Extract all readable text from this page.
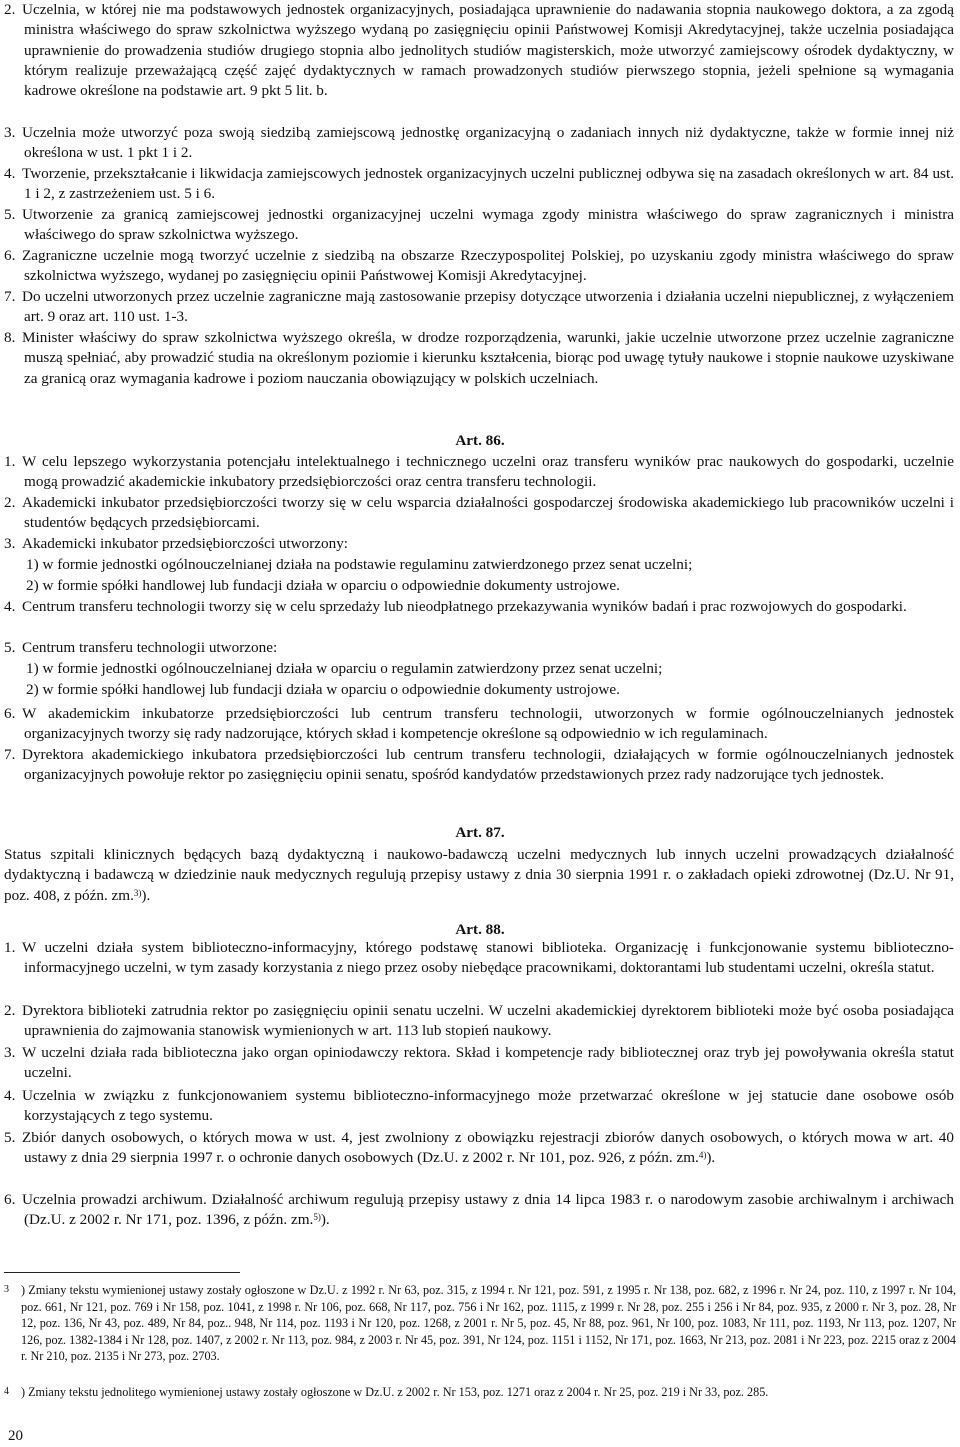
2. Uczelnia, w której nie ma podstawowych jednostek organizacyjnych, posiadająca uprawnienie do nadawania stopnia naukowego doktora, a za zgodą ministra właściwego do spraw szkolnictwa wyższego wydaną po zasięgnięciu opinii Państwowej Komisji Akredytacyjnej, także uczelnia posiadająca uprawnienie do prowadzenia studiów drugiego stopnia albo jednolitych studiów magisterskich, może utworzyć zamiejscowy ośrodek dydaktyczny, w którym realizuje przeważającą część zajęć dydaktycznych w ramach prowadzonych studiów pierwszego stopnia, jeżeli spełnione są wymagania kadrowe określone na podstawie art. 9 pkt 5 lit. b.
3. Uczelnia może utworzyć poza swoją siedzibą zamiejscową jednostkę organizacyjną o zadaniach innych niż dydaktyczne, także w formie innej niż określona w ust. 1 pkt 1 i 2.
4. Tworzenie, przekształcanie i likwidacja zamiejscowych jednostek organizacyjnych uczelni publicznej odbywa się na zasadach określonych w art. 84 ust. 1 i 2, z zastrzeżeniem ust. 5 i 6.
5. Utworzenie za granicą zamiejscowej jednostki organizacyjnej uczelni wymaga zgody ministra właściwego do spraw zagranicznych i ministra właściwego do spraw szkolnictwa wyższego.
6. Zagraniczne uczelnie mogą tworzyć uczelnie z siedzibą na obszarze Rzeczypospolitej Polskiej, po uzyskaniu zgody ministra właściwego do spraw szkolnictwa wyższego, wydanej po zasięgnięciu opinii Państwowej Komisji Akredytacyjnej.
7. Do uczelni utworzonych przez uczelnie zagraniczne mają zastosowanie przepisy dotyczące utworzenia i działania uczelni niepublicznej, z wyłączeniem art. 9 oraz art. 110 ust. 1-3.
8. Minister właściwy do spraw szkolnictwa wyższego określa, w drodze rozporządzenia, warunki, jakie uczelnie utworzone przez uczelnie zagraniczne muszą spełniać, aby prowadzić studia na określonym poziomie i kierunku kształcenia, biorąc pod uwagę tytuły naukowe i stopnie naukowe uzyskiwane za granicą oraz wymagania kadrowe i poziom nauczania obowiązujący w polskich uczelniach.
Art. 86.
1. W celu lepszego wykorzystania potencjału intelektualnego i technicznego uczelni oraz transferu wyników prac naukowych do gospodarki, uczelnie mogą prowadzić akademickie inkubatory przedsiębiorczości oraz centra transferu technologii.
2. Akademicki inkubator przedsiębiorczości tworzy się w celu wsparcia działalności gospodarczej środowiska akademickiego lub pracowników uczelni i studentów będących przedsiębiorcami.
3. Akademicki inkubator przedsiębiorczości utworzony:
1) w formie jednostki ogólnouczelnianej działa na podstawie regulaminu zatwierdzonego przez senat uczelni;
2) w formie spółki handlowej lub fundacji działa w oparciu o odpowiednie dokumenty ustrojowe.
4. Centrum transferu technologii tworzy się w celu sprzedaży lub nieodpłatnego przekazywania wyników badań i prac rozwojowych do gospodarki.
5. Centrum transferu technologii utworzone:
1) w formie jednostki ogólnouczelnianej działa w oparciu o regulamin zatwierdzony przez senat uczelni;
2) w formie spółki handlowej lub fundacji działa w oparciu o odpowiednie dokumenty ustrojowe.
6. W akademickim inkubatorze przedsiębiorczości lub centrum transferu technologii, utworzonych w formie ogólnouczelnianych jednostek organizacyjnych tworzy się rady nadzorujące, których skład i kompetencje określone są odpowiednio w ich regulaminach.
7. Dyrektora akademickiego inkubatora przedsiębiorczości lub centrum transferu technologii, działających w formie ogólnouczelnianych jednostek organizacyjnych powołuje rektor po zasięgnięciu opinii senatu, spośród kandydatów przedstawionych przez rady nadzorujące tych jednostek.
Art. 87.
Status szpitali klinicznych będących bazą dydaktyczną i naukowo-badawczą uczelni medycznych lub innych uczelni prowadzących działalność dydaktyczną i badawczą w dziedzinie nauk medycznych regulują przepisy ustawy z dnia 30 sierpnia 1991 r. o zakładach opieki zdrowotnej (Dz.U. Nr 91, poz. 408, z późn. zm.$^{3)}$).
Art. 88.
1. W uczelni działa system biblioteczno-informacyjny, którego podstawę stanowi biblioteka. Organizację i funkcjonowanie systemu biblioteczno-informacyjnego uczelni, w tym zasady korzystania z niego przez osoby niebędące pracownikami, doktorantami lub studentami uczelni, określa statut.
2. Dyrektora biblioteki zatrudnia rektor po zasięgnięciu opinii senatu uczelni. W uczelni akademickiej dyrektorem biblioteki może być osoba posiadająca uprawnienia do zajmowania stanowisk wymienionych w art. 113 lub stopień naukowy.
3. W uczelni działa rada biblioteczna jako organ opiniodawczy rektora. Skład i kompetencje rady bibliotecznej oraz tryb jej powoływania określa statut uczelni.
4. Uczelnia w związku z funkcjonowaniem systemu biblioteczno-informacyjnego może przetwarzać określone w jej statucie dane osobowe osób korzystających z tego systemu.
5. Zbiór danych osobowych, o których mowa w ust. 4, jest zwolniony z obowiązku rejestracji zbiorów danych osobowych, o których mowa w art. 40 ustawy z dnia 29 sierpnia 1997 r. o ochronie danych osobowych (Dz.U. z 2002 r. Nr 101, poz. 926, z późn. zm.$^{4)}$).
6. Uczelnia prowadzi archiwum. Działalność archiwum regulują przepisy ustawy z dnia 14 lipca 1983 r. o narodowym zasobie archiwalnym i archiwach (Dz.U. z 2002 r. Nr 171, poz. 1396, z późn. zm.$^{5)}$).
3 ) Zmiany tekstu wymienionej ustawy zostały ogłoszone w Dz.U. z 1992 r. Nr 63, poz. 315, z 1994 r. Nr 121, poz. 591, z 1995 r. Nr 138, poz. 682, z 1996 r. Nr 24, poz. 110, z 1997 r. Nr 104, poz. 661, Nr 121, poz. 769 i Nr 158, poz. 1041, z 1998 r. Nr 106, poz. 668, Nr 117, poz. 756 i Nr 162, poz. 1115, z 1999 r. Nr 28, poz. 255 i 256 i Nr 84, poz. 935, z 2000 r. Nr 3, poz. 28, Nr 12, poz. 136, Nr 43, poz. 489, Nr 84, poz.. 948, Nr 114, poz. 1193 i Nr 120, poz. 1268, z 2001 r. Nr 5, poz. 45, Nr 88, poz. 961, Nr 100, poz. 1083, Nr 111, poz. 1193, Nr 113, poz. 1207, Nr 126, poz. 1382-1384 i Nr 128, poz. 1407, z 2002 r. Nr 113, poz. 984, z 2003 r. Nr 45, poz. 391, Nr 124, poz. 1151 i 1152, Nr 171, poz. 1663, Nr 213, poz. 2081 i Nr 223, poz. 2215 oraz z 2004 r. Nr 210, poz. 2135 i Nr 273, poz. 2703.
4 ) Zmiany tekstu jednolitego wymienionej ustawy zostały ogłoszone w Dz.U. z 2002 r. Nr 153, poz. 1271 oraz z 2004 r. Nr 25, poz. 219 i Nr 33, poz. 285.
20
